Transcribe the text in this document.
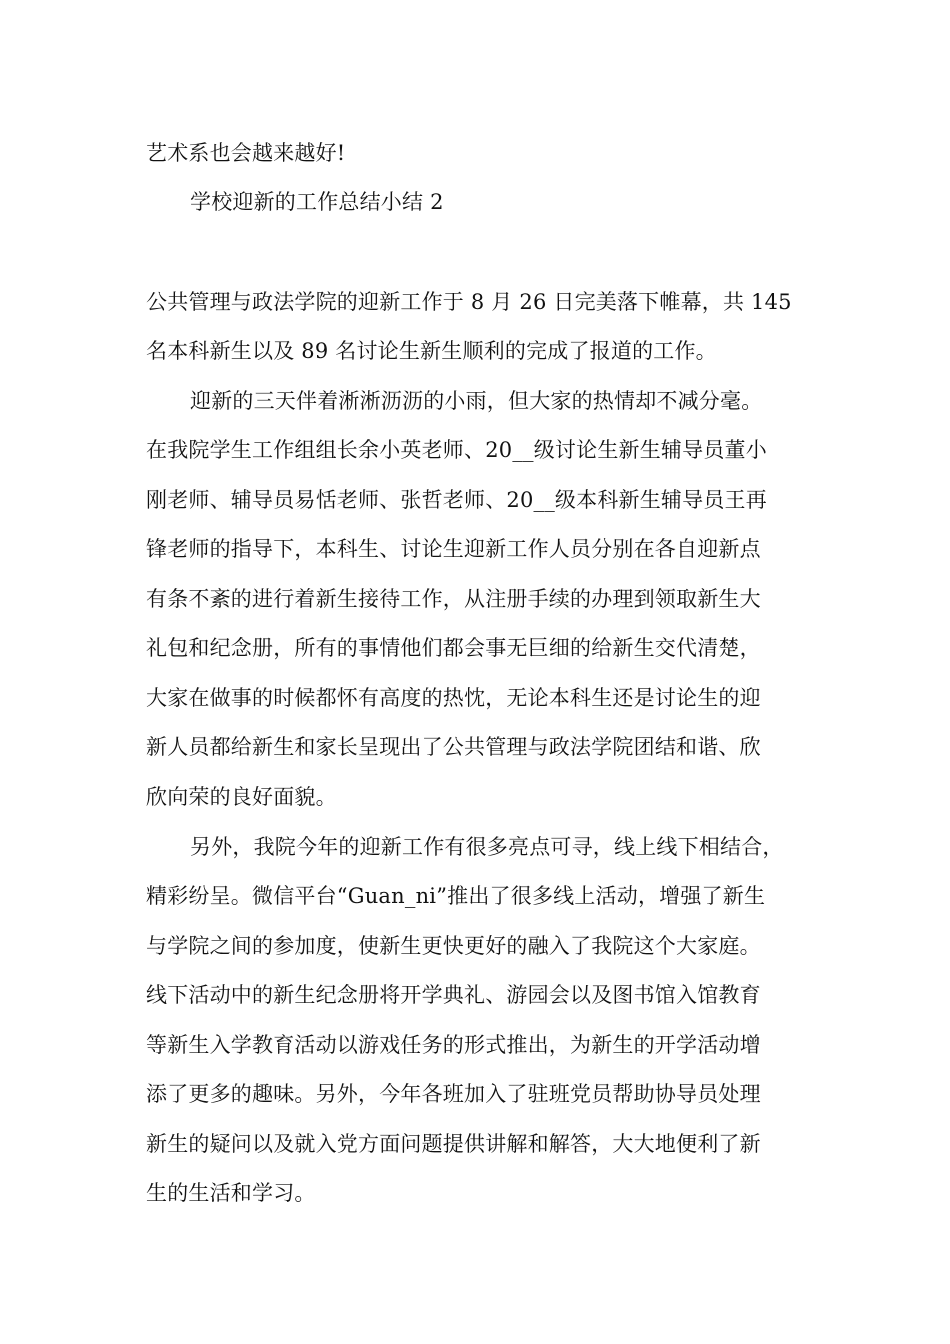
艺术系也会越来越好!
学校迎新的工作总结小结 2
公共管理与政法学院的迎新工作于 8 月 26 日完美落下帷幕，共 145
名本科新生以及 89 名讨论生新生顺利的完成了报道的工作。
迎新的三天伴着淅淅沥沥的小雨，但大家的热情却不减分毫。
在我院学生工作组组长余小英老师、20__级讨论生新生辅导员董小
刚老师、辅导员易恬老师、张哲老师、20__级本科新生辅导员王再
锋老师的指导下，本科生、讨论生迎新工作人员分别在各自迎新点
有条不紊的进行着新生接待工作，从注册手续的办理到领取新生大
礼包和纪念册，所有的事情他们都会事无巨细的给新生交代清楚，
大家在做事的时候都怀有高度的热忱，无论本科生还是讨论生的迎
新人员都给新生和家长呈现出了公共管理与政法学院团结和谐、欣
欣向荣的良好面貌。
另外，我院今年的迎新工作有很多亮点可寻，线上线下相结合，
精彩纷呈。微信平台“Guan_ni”推出了很多线上活动，增强了新生
与学院之间的参加度，使新生更快更好的融入了我院这个大家庭。
线下活动中的新生纪念册将开学典礼、游园会以及图书馆入馆教育
等新生入学教育活动以游戏任务的形式推出，为新生的开学活动增
添了更多的趣味。另外，今年各班加入了驻班党员帮助协导员处理
新生的疑问以及就入党方面问题提供讲解和解答，大大地便利了新
生的生活和学习。
